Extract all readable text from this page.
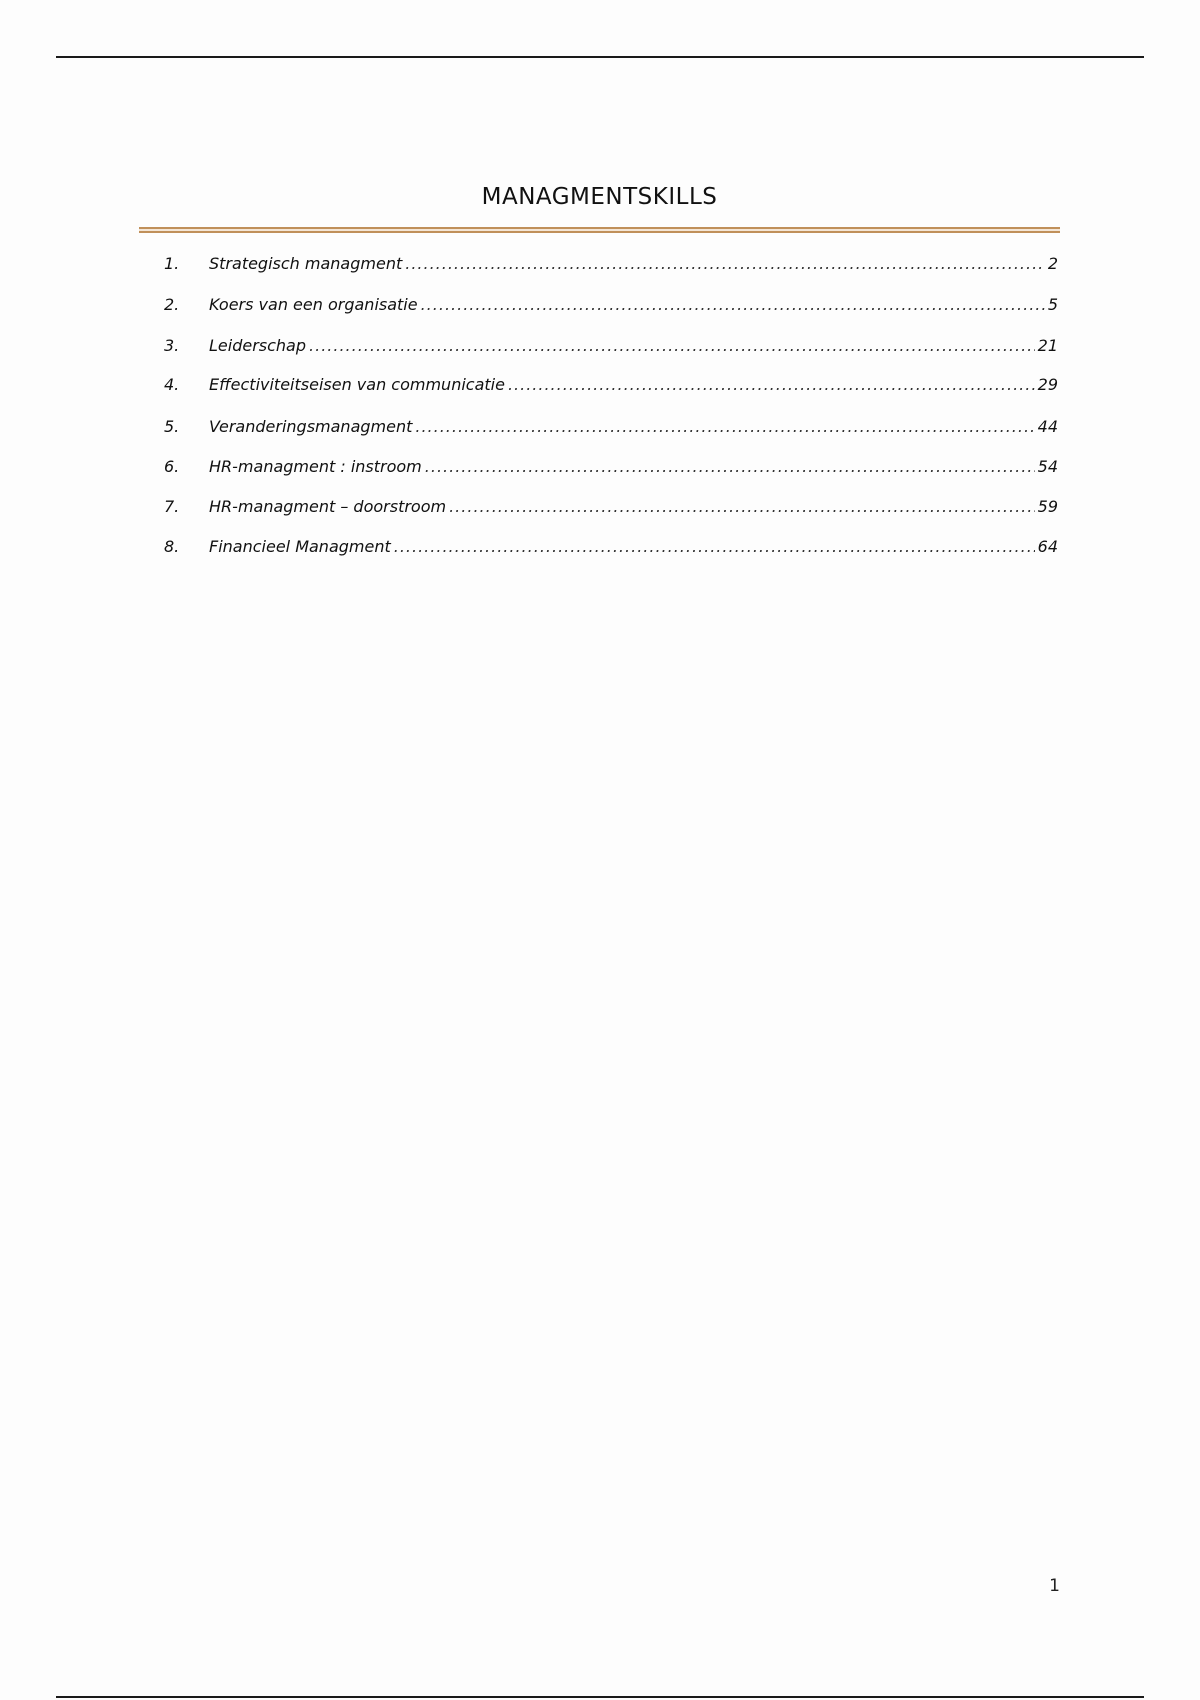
MANAGMENTSKILLS
1.	Strategisch managment .....	2
2.	Koers van een organisatie .....	5
3.	Leiderschap .....	21
4.	Effectiviteitseisen van communicatie .....	29
5.	Veranderingsmanagment .....	44
6.	HR-managment : instroom .....	54
7.	HR-managment – doorstroom .....	59
8.	Financieel Managment .....	64
1
